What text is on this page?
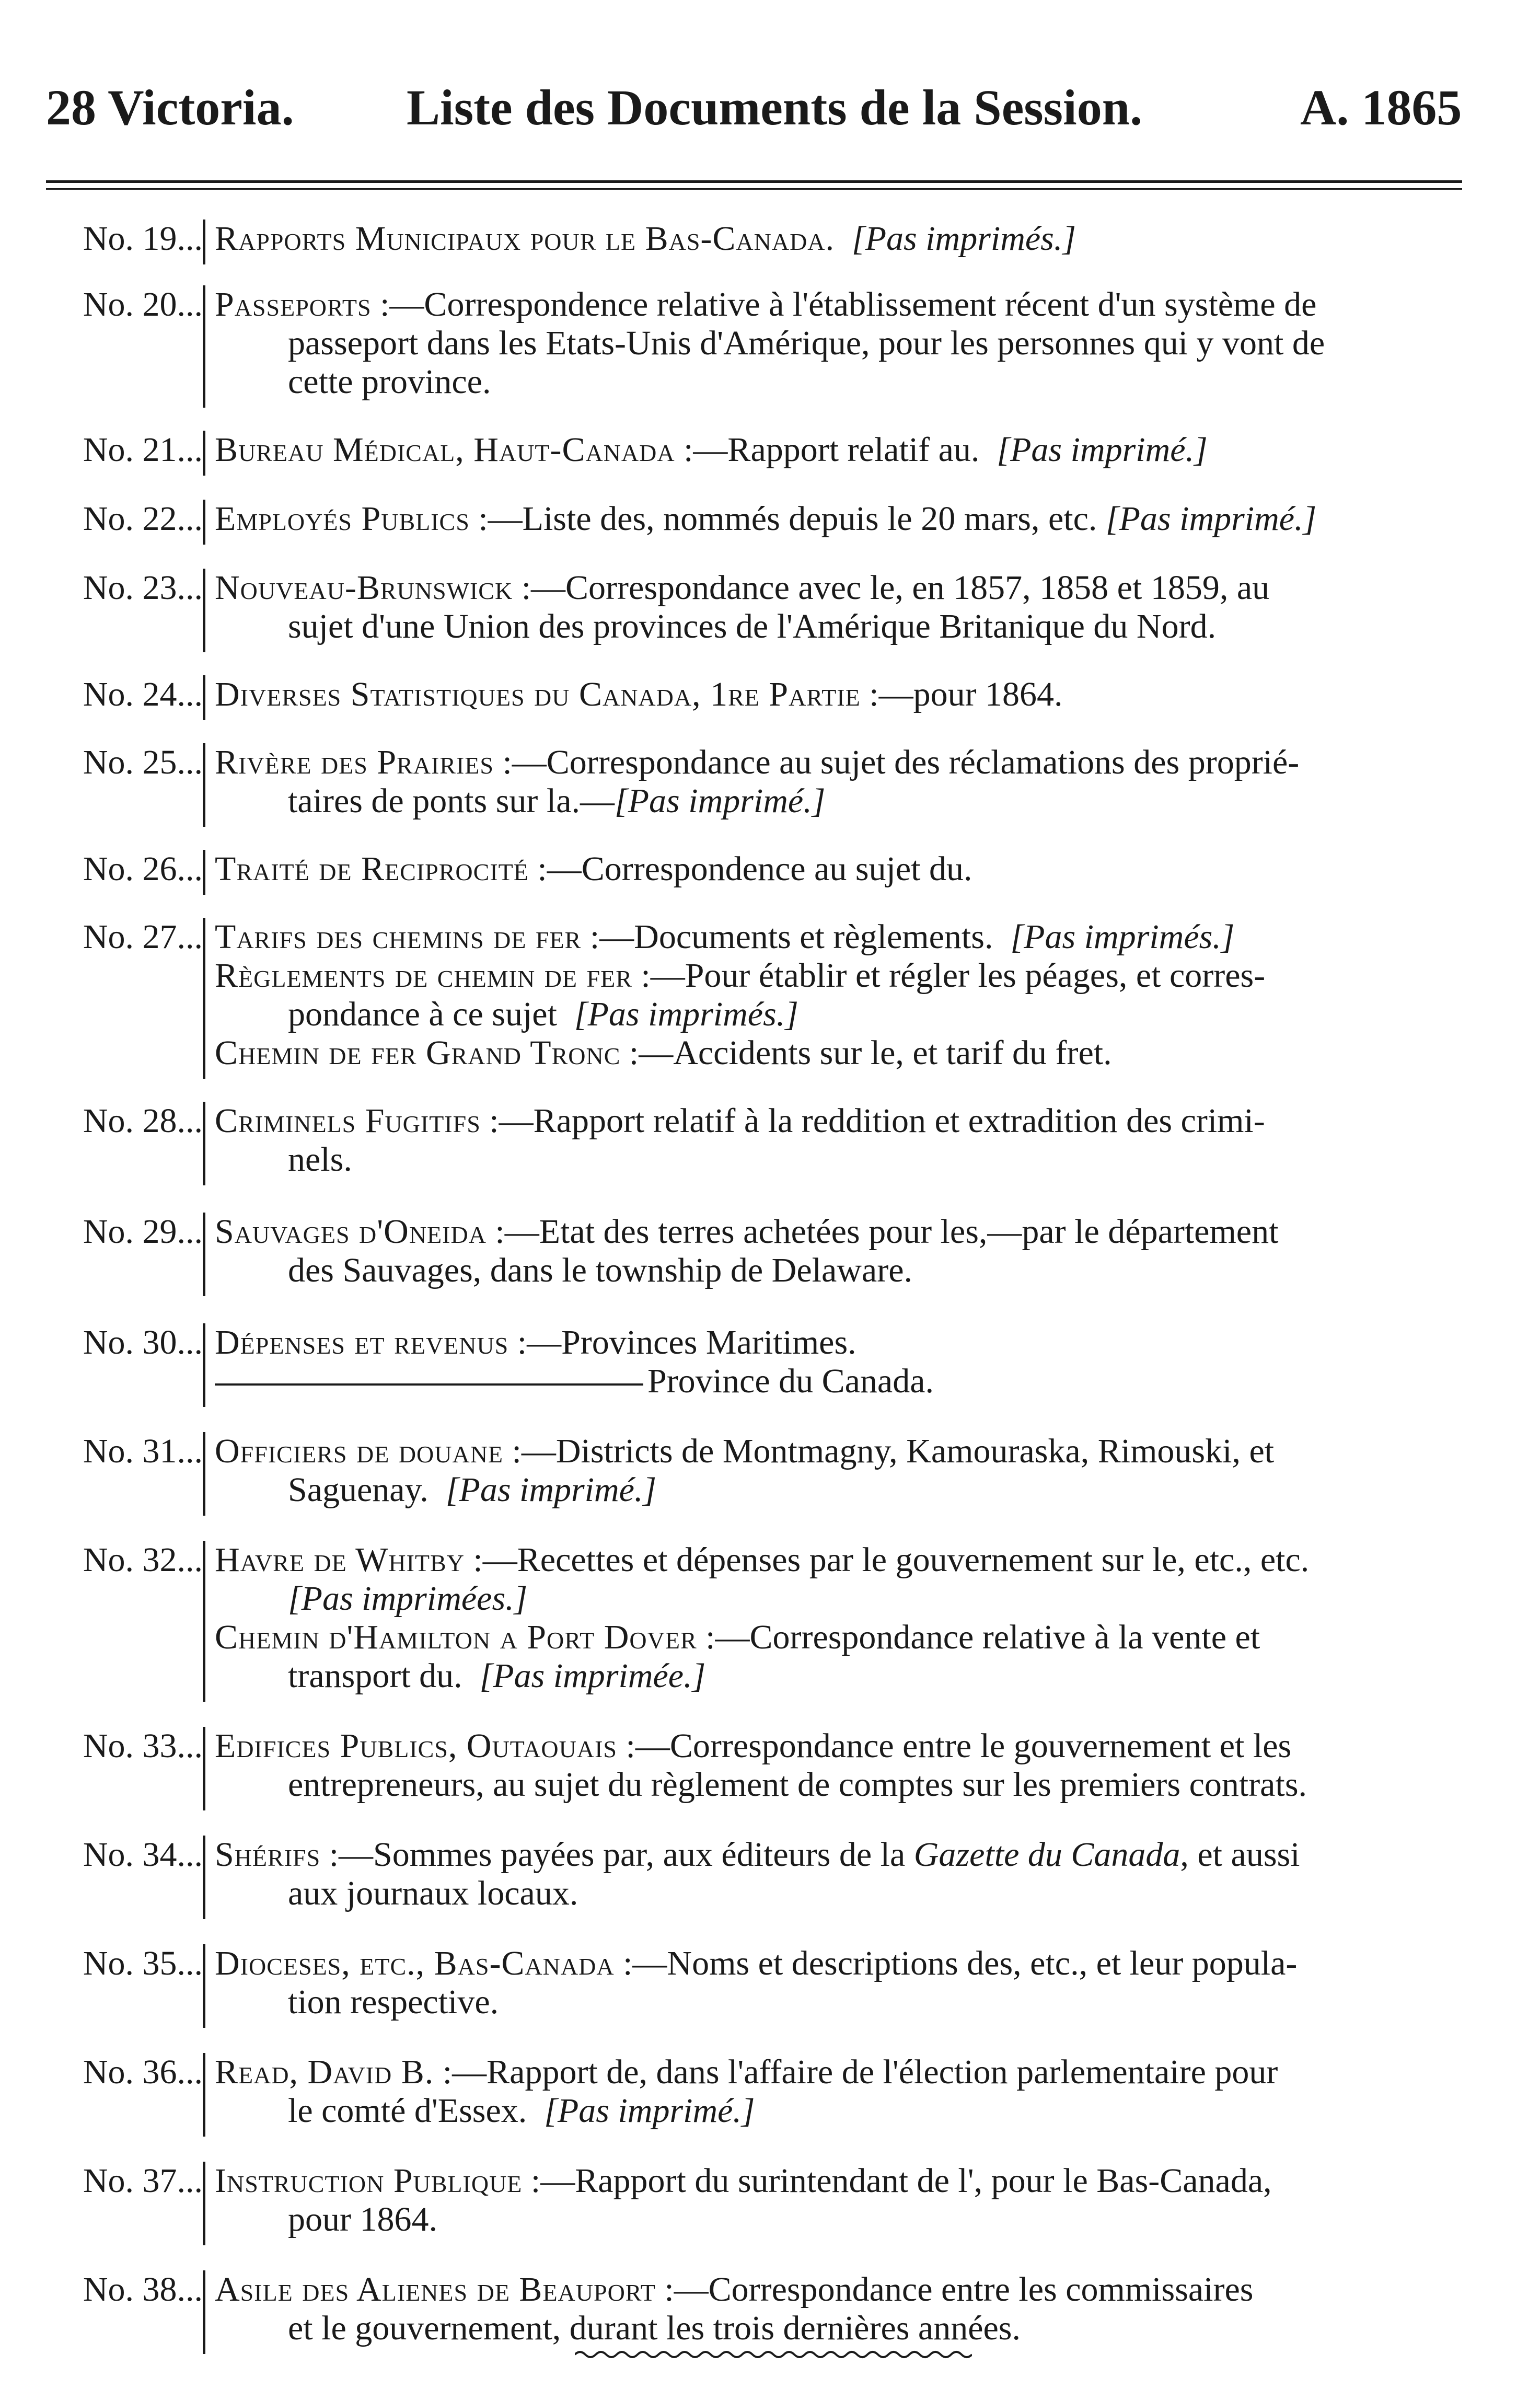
28 Victoria. Liste des Documents de la Session.	A. 1865
No. 19... Rapports Municipaux pour le Bas-Canada. [Pas imprimés.]
No. 20... Passeports :—Correspondence relative à l'établissement récent d'un système de
passeport dans les Etats-Unis d'Amérique, pour les personnes qui y vont de
cette province.
No. 21... Bureau Médical, Haut-Canada :—Rapport relatif au.  [Pas imprimé.]
No. 22... Employés Publics :—Liste des, nommés depuis le 20 mars, etc. [Pas imprimé.]
No. 23... Nouveau-Brunswick :—Correspondance avec le, en 1857, 1858 et 1859, au
sujet d'une Union des provinces de l'Amérique Britanique du Nord.
No. 24... Diverses Statistiques du Canada, 1re Partie :—pour 1864.
No. 25... Rivère des Prairies :—Correspondance au sujet des réclamations des proprié-
taires de ponts sur la.—[Pas imprimé.]
No. 26... Traité de Reciprocité :—Correspondence au sujet du.
No. 27... Tarifs des chemins de fer :—Documents et règlements.  [Pas imprimés.]
Règlements de chemin de fer :—Pour établir et régler les péages, et corres-
pondance à ce sujet  [Pas imprimés.]
Chemin de fer Grand Tronc :—Accidents sur le, et tarif du fret.
No. 28... Criminels Fugitifs :—Rapport relatif à la reddition et extradition des crimi-
nels.
No. 29... Sauvages d'Oneida :—Etat des terres achetées pour les,—par le département
des Sauvages, dans le township de Delaware.
No. 30... Dépenses et revenus :—Provinces Maritimes.
Province du Canada.
No. 31... Officiers de douane :—Districts de Montmagny, Kamouraska, Rimouski, et
Saguenay.  [Pas imprimé.]
No. 32... Havre de Whitby :—Recettes et dépenses par le gouvernement sur le, etc., etc.
[Pas imprimées.]
Chemin d'Hamilton a Port Dover :—Correspondance relative à la vente et
transport du.  [Pas imprimée.]
No. 33... Edifices Publics, Outaouais :—Correspondance entre le gouvernement et les
entrepreneurs, au sujet du règlement de comptes sur les premiers contrats.
No. 34... Shérifs :—Sommes payées par, aux éditeurs de la Gazette du Canada, et aussi
aux journaux locaux.
No. 35... Dioceses, etc., Bas-Canada :—Noms et descriptions des, etc., et leur popula-
tion respective.
No. 36... Read, David B. :—Rapport de, dans l'affaire de l'élection parlementaire pour
le comté d'Essex.  [Pas imprimé.]
No. 37... Instruction Publique :—Rapport du surintendant de l', pour le Bas-Canada,
pour 1864.
No. 38... Asile des Alienes de Beauport :—Correspondance entre les commissaires
et le gouvernement, durant les trois dernières années.
